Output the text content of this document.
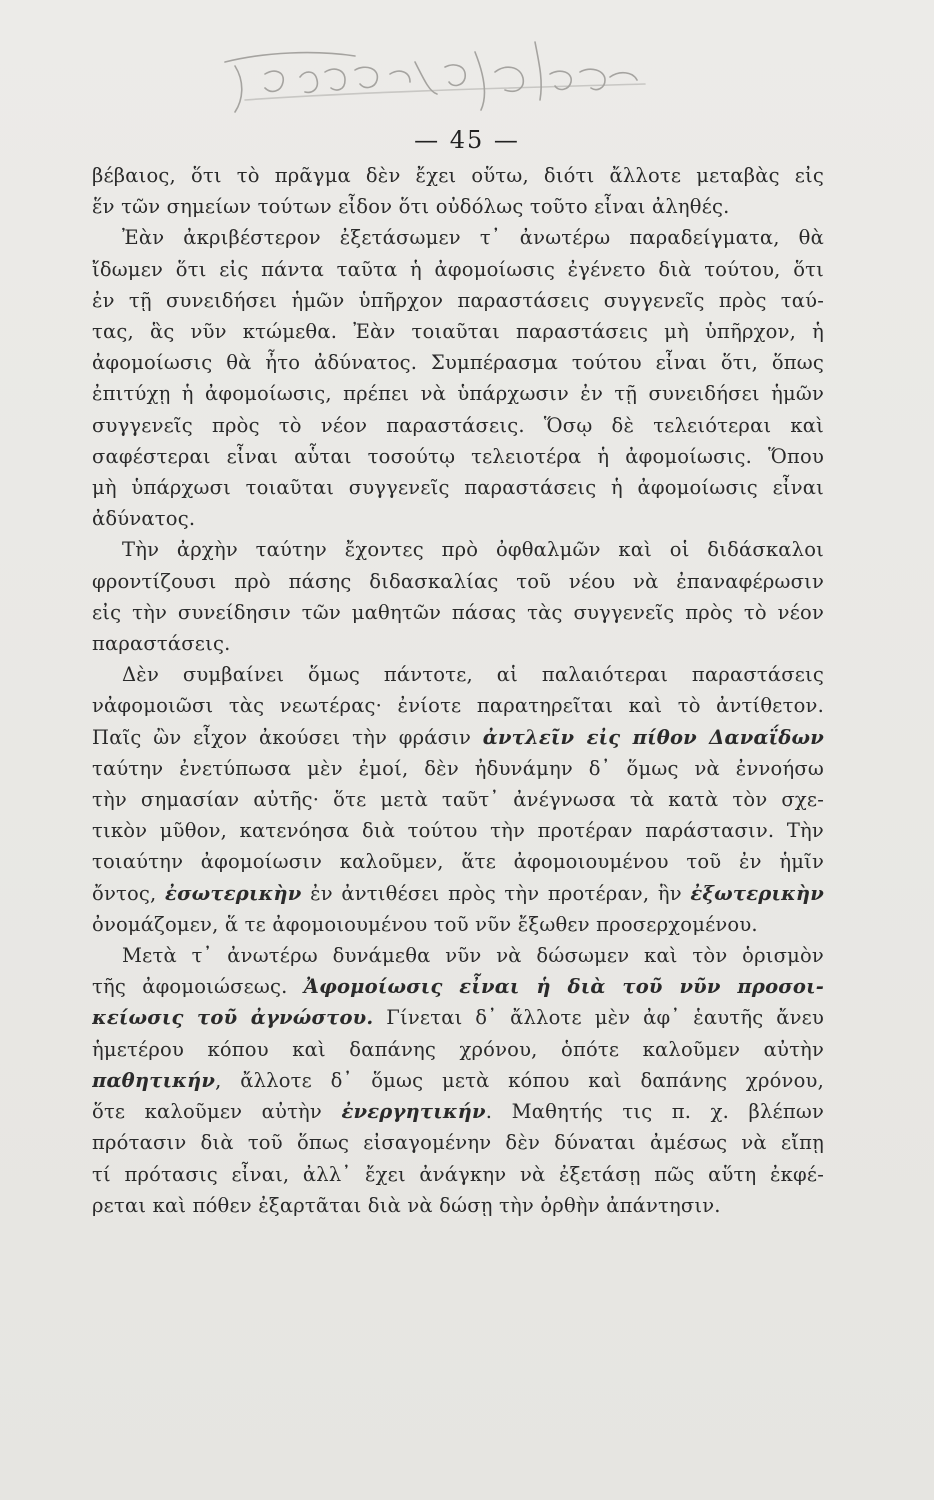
— 45 —

βέβαιος, ὅτι τὸ πρᾶγμα δὲν ἔχει οὕτω, διότι ἄλλοτε μεταβὰς εἰς
ἕν τῶν σημείων τούτων εἶδον ὅτι οὐδόλως τοῦτο εἶναι ἀληθές.

Ἐὰν ἀκριβέστερον ἐξετάσωμεν τ᾿ ἀνωτέρω παραδείγματα, θὰ
ἴδωμεν ὅτι εἰς πάντα ταῦτα ἡ ἀφομοίωσις ἐγένετο διὰ τούτου, ὅτι
ἐν τῇ συνειδήσει ἡμῶν ὑπῆρχον παραστάσεις συγγενεῖς πρὸς ταύ-
τας, ἃς νῦν κτώμεθα. Ἐὰν τοιαῦται παραστάσεις μὴ ὑπῆρχον, ἡ
ἀφομοίωσις θὰ ἦτο ἀδύνατος. Συμπέρασμα τούτου εἶναι ὅτι, ὅπως
ἐπιτύχῃ ἡ ἀφομοίωσις, πρέπει νὰ ὑπάρχωσιν ἐν τῇ συνειδήσει ἡμῶν
συγγενεῖς πρὸς τὸ νέον παραστάσεις. Ὅσῳ δὲ τελειότεραι καὶ
σαφέστεραι εἶναι αὗται τοσούτῳ τελειοτέρα ἡ ἀφομοίωσις. Ὅπου
μὴ ὑπάρχωσι τοιαῦται συγγενεῖς παραστάσεις ἡ ἀφομοίωσις εἶναι
ἀδύνατος.

Τὴν ἀρχὴν ταύτην ἔχοντες πρὸ ὀφθαλμῶν καὶ οἱ διδάσκαλοι
φροντίζουσι πρὸ πάσης διδασκαλίας τοῦ νέου νὰ ἐπαναφέρωσιν
εἰς τὴν συνείδησιν τῶν μαθητῶν πάσας τὰς συγγενεῖς πρὸς τὸ νέον
παραστάσεις.

Δὲν συμβαίνει ὅμως πάντοτε, αἱ παλαιότεραι παραστάσεις
νἀφομοιῶσι τὰς νεωτέρας· ἐνίοτε παρατηρεῖται καὶ τὸ ἀντίθετον.
Παῖς ὢν εἶχον ἀκούσει τὴν φράσιν ἀντλεῖν εἰς πίθον Δαναΐδων
ταύτην ἐνετύπωσα μὲν ἐμοί, δὲν ἠδυνάμην δ᾿ ὅμως νὰ ἐννοήσω
τὴν σημασίαν αὐτῆς· ὅτε μετὰ ταῦτ᾿ ἀνέγνωσα τὰ κατὰ τὸν σχε-
τικὸν μῦθον, κατενόησα διὰ τούτου τὴν προτέραν παράστασιν. Τὴν
τοιαύτην ἀφομοίωσιν καλοῦμεν, ἅτε ἀφομοιουμένου τοῦ ἐν ἡμῖν
ὄντος, ἐσωτερικὴν ἐν ἀντιθέσει πρὸς τὴν προτέραν, ἣν ἐξωτερικὴν
ὀνομάζομεν, ἅ τε ἀφομοιουμένου τοῦ νῦν ἔξωθεν προσερχομένου.

Μετὰ τ᾿ ἀνωτέρω δυνάμεθα νῦν νὰ δώσωμεν καὶ τὸν ὁρισμὸν
τῆς ἀφομοιώσεως. Ἀφομοίωσις εἶναι ἡ διὰ τοῦ νῦν προσοι-
κείωσις τοῦ ἀγνώστου. Γίνεται δ᾿ ἄλλοτε μὲν ἀφ᾿ ἑαυτῆς ἄνευ
ἡμετέρου κόπου καὶ δαπάνης χρόνου, ὁπότε καλοῦμεν αὐτὴν
παθητικήν, ἄλλοτε δ᾿ ὅμως μετὰ κόπου καὶ δαπάνης χρόνου,
ὅτε καλοῦμεν αὐτὴν ἐνεργητικήν. Μαθητής τις π. χ. βλέπων
πρότασιν διὰ τοῦ ὅπως εἰσαγομένην δὲν δύναται ἀμέσως νὰ εἴπῃ
τί πρότασις εἶναι, ἀλλ᾿ ἔχει ἀνάγκην νὰ ἐξετάσῃ πῶς αὕτη ἐκφέ-
ρεται καὶ πόθεν ἐξαρτᾶται διὰ νὰ δώσῃ τὴν ὀρθὴν ἀπάντησιν.
